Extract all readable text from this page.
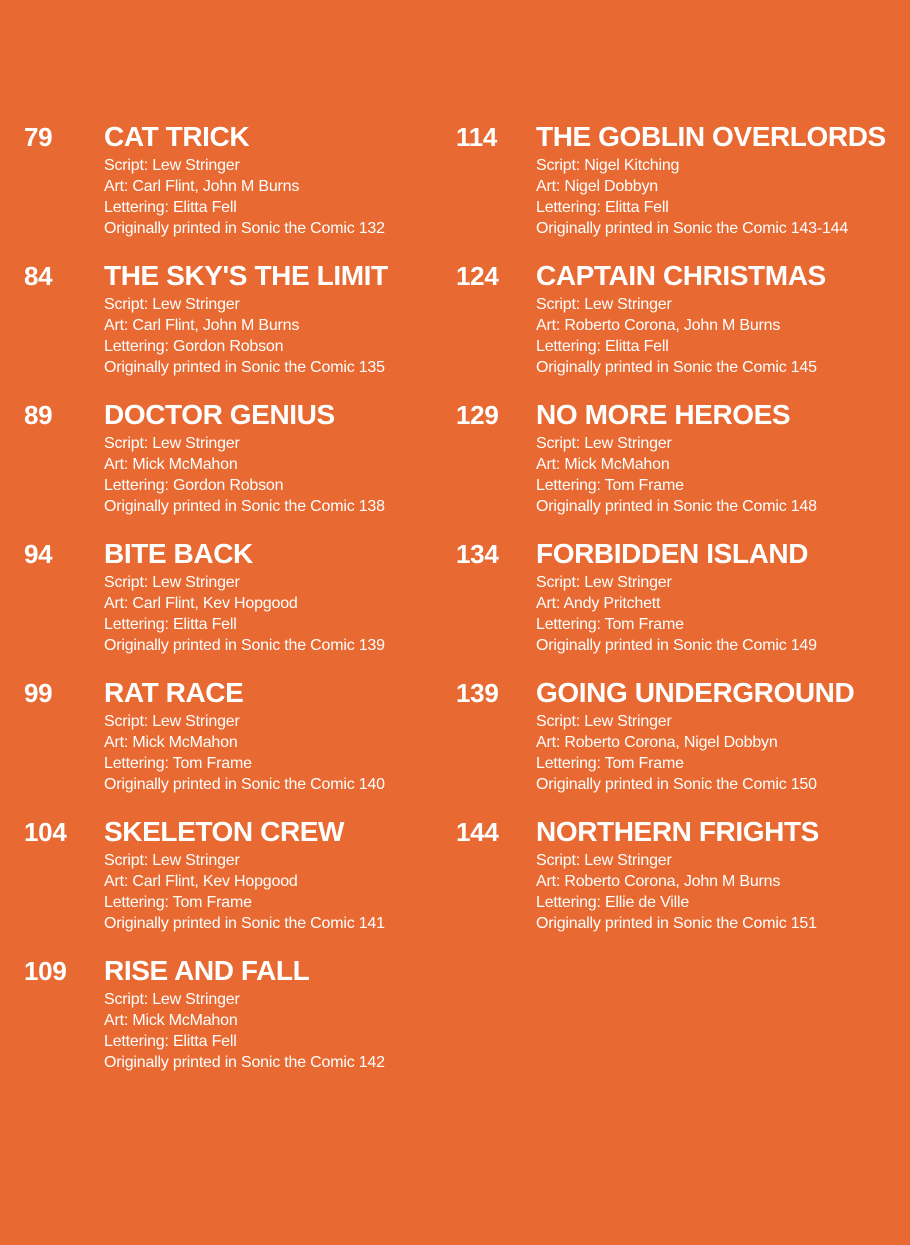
79 CAT TRICK
Script: Lew Stringer
Art: Carl Flint, John M Burns
Lettering: Elitta Fell
Originally printed in Sonic the Comic 132
84 THE SKY'S THE LIMIT
Script: Lew Stringer
Art: Carl Flint, John M Burns
Lettering: Gordon Robson
Originally printed in Sonic the Comic 135
89 DOCTOR GENIUS
Script: Lew Stringer
Art: Mick McMahon
Lettering: Gordon Robson
Originally printed in Sonic the Comic 138
94 BITE BACK
Script: Lew Stringer
Art: Carl Flint, Kev Hopgood
Lettering: Elitta Fell
Originally printed in Sonic the Comic 139
99 RAT RACE
Script: Lew Stringer
Art: Mick McMahon
Lettering: Tom Frame
Originally printed in Sonic the Comic 140
104 SKELETON CREW
Script: Lew Stringer
Art: Carl Flint, Kev Hopgood
Lettering: Tom Frame
Originally printed in Sonic the Comic 141
109 RISE AND FALL
Script: Lew Stringer
Art: Mick McMahon
Lettering: Elitta Fell
Originally printed in Sonic the Comic 142
114 THE GOBLIN OVERLORDS
Script: Nigel Kitching
Art: Nigel Dobbyn
Lettering: Elitta Fell
Originally printed in Sonic the Comic 143-144
124 CAPTAIN CHRISTMAS
Script: Lew Stringer
Art: Roberto Corona, John M Burns
Lettering: Elitta Fell
Originally printed in Sonic the Comic 145
129 NO MORE HEROES
Script: Lew Stringer
Art: Mick McMahon
Lettering: Tom Frame
Originally printed in Sonic the Comic 148
134 FORBIDDEN ISLAND
Script: Lew Stringer
Art: Andy Pritchett
Lettering: Tom Frame
Originally printed in Sonic the Comic 149
139 GOING UNDERGROUND
Script: Lew Stringer
Art: Roberto Corona, Nigel Dobbyn
Lettering: Tom Frame
Originally printed in Sonic the Comic 150
144 NORTHERN FRIGHTS
Script: Lew Stringer
Art: Roberto Corona, John M Burns
Lettering: Ellie de Ville
Originally printed in Sonic the Comic 151
